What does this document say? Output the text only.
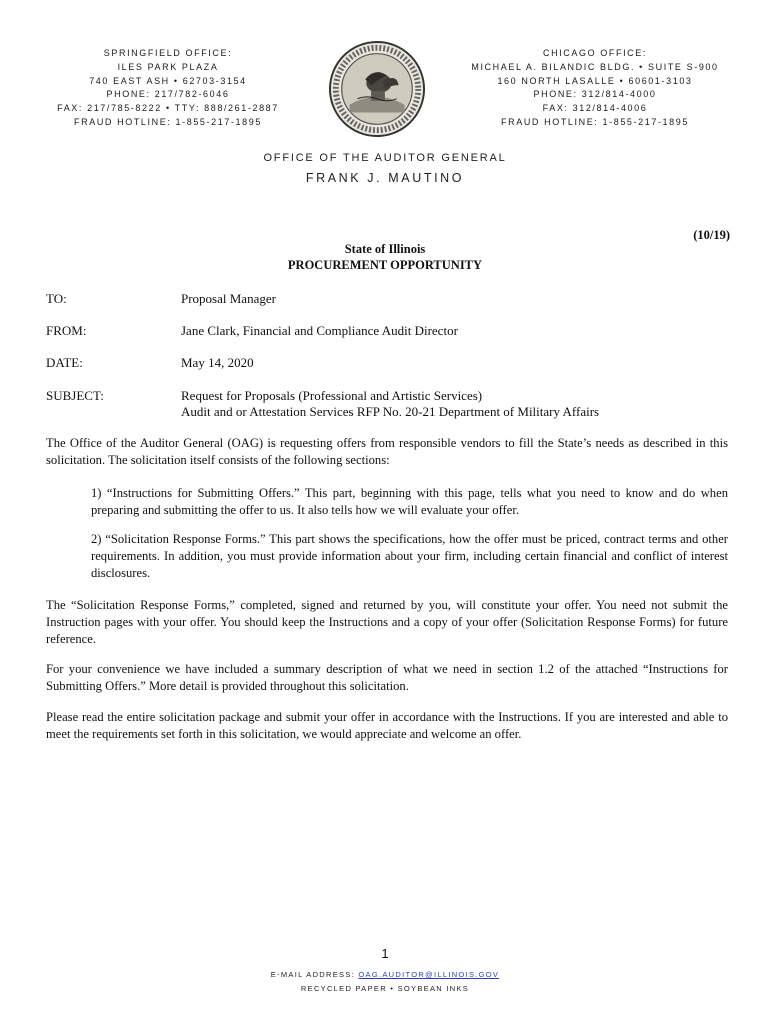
SPRINGFIELD OFFICE:
ILES PARK PLAZA
740 EAST ASH • 62703-3154
PHONE: 217/782-6046
FAX: 217/785-8222 • TTY: 888/261-2887
FRAUD HOTLINE: 1-855-217-1895
CHICAGO OFFICE:
MICHAEL A. BILANDIC BLDG. • SUITE S-900
160 NORTH LASALLE • 60601-3103
PHONE: 312/814-4000
FAX: 312/814-4006
FRAUD HOTLINE: 1-855-217-1895
OFFICE OF THE AUDITOR GENERAL
FRANK J. MAUTINO
(10/19)
State of Illinois
PROCUREMENT OPPORTUNITY
TO:	Proposal Manager
FROM:	Jane Clark, Financial and Compliance Audit Director
DATE:	May 14, 2020
SUBJECT:	Request for Proposals (Professional and Artistic Services)
Audit and or Attestation Services RFP No. 20-21 Department of Military Affairs
The Office of the Auditor General (OAG) is requesting offers from responsible vendors to fill the State’s needs as described in this solicitation. The solicitation itself consists of the following sections:
1) “Instructions for Submitting Offers.” This part, beginning with this page, tells what you need to know and do when preparing and submitting the offer to us. It also tells how we will evaluate your offer.
2) “Solicitation Response Forms.” This part shows the specifications, how the offer must be priced, contract terms and other requirements. In addition, you must provide information about your firm, including certain financial and conflict of interest disclosures.
The “Solicitation Response Forms,” completed, signed and returned by you, will constitute your offer. You need not submit the Instruction pages with your offer. You should keep the Instructions and a copy of your offer (Solicitation Response Forms) for future reference.
For your convenience we have included a summary description of what we need in section 1.2 of the attached “Instructions for Submitting Offers.” More detail is provided throughout this solicitation.
Please read the entire solicitation package and submit your offer in accordance with the Instructions. If you are interested and able to meet the requirements set forth in this solicitation, we would appreciate and welcome an offer.
1
E-MAIL ADDRESS: OAG.AUDITOR@ILLINOIS.GOV
RECYCLED PAPER • SOYBEAN INKS
